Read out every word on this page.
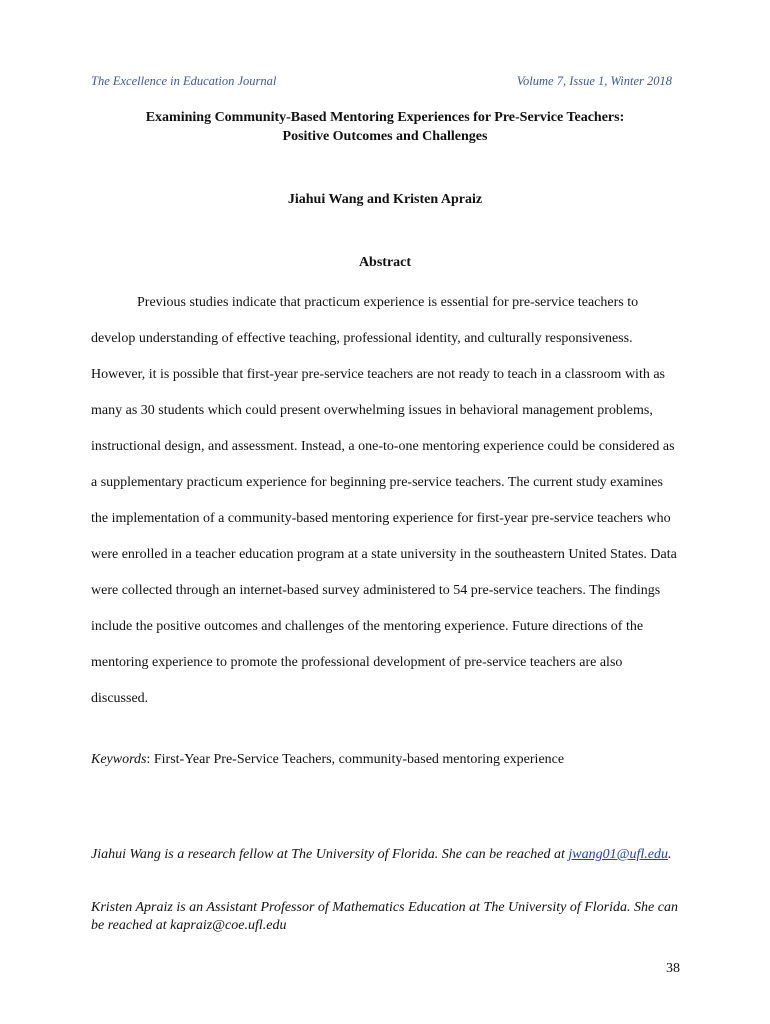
The Excellence in Education Journal	Volume 7, Issue 1, Winter 2018
Examining Community-Based Mentoring Experiences for Pre-Service Teachers:
Positive Outcomes and Challenges
Jiahui Wang and Kristen Apraiz
Abstract

Previous studies indicate that practicum experience is essential for pre-service teachers to develop understanding of effective teaching, professional identity, and culturally responsiveness. However, it is possible that first-year pre-service teachers are not ready to teach in a classroom with as many as 30 students which could present overwhelming issues in behavioral management problems, instructional design, and assessment. Instead, a one-to-one mentoring experience could be considered as a supplementary practicum experience for beginning pre-service teachers. The current study examines the implementation of a community-based mentoring experience for first-year pre-service teachers who were enrolled in a teacher education program at a state university in the southeastern United States. Data were collected through an internet-based survey administered to 54 pre-service teachers. The findings include the positive outcomes and challenges of the mentoring experience. Future directions of the mentoring experience to promote the professional development of pre-service teachers are also discussed.

Keywords: First-Year Pre-Service Teachers, community-based mentoring experience

Jiahui Wang is a research fellow at The University of Florida. She can be reached at jwang01@ufl.edu.

Kristen Apraiz is an Assistant Professor of Mathematics Education at The University of Florida. She can be reached at kapraiz@coe.ufl.edu

38
